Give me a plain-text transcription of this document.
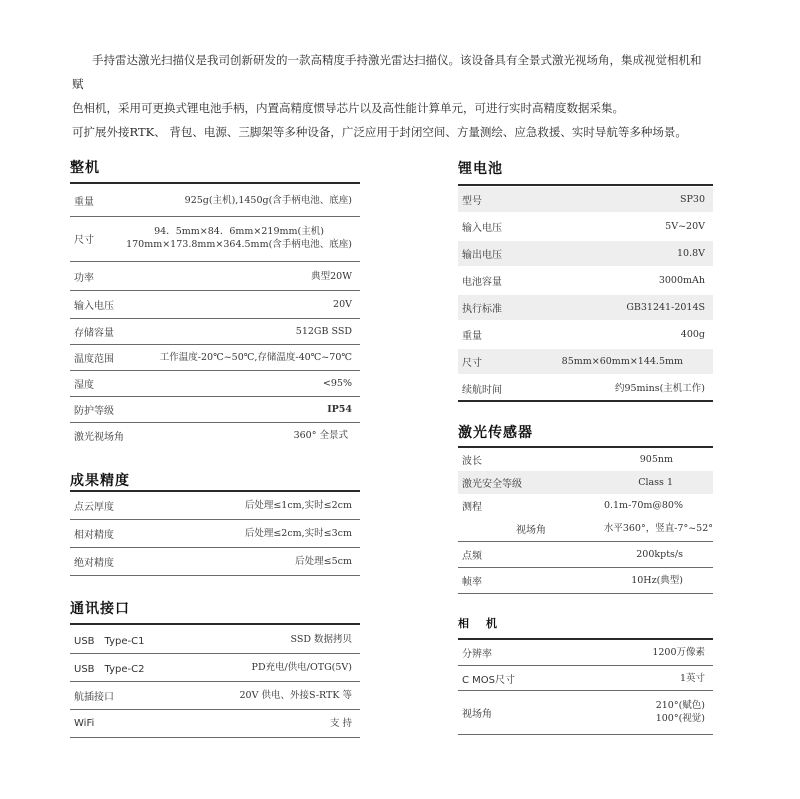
手持雷达激光扫描仪是我司创新研发的一款高精度手持激光雷达扫描仪。该设备具有全景式激光视场角，集成视觉相机和赋

色相机，采用可更换式锂电池手柄，内置高精度惯导芯片以及高性能计算单元，可进行实时高精度数据采集。

可扩展外接RTK、 背包、电源、三脚架等多种设备，广泛应用于封闭空间、方量测绘、应急救援、实时导航等多种场景。

整机
重量	925g(主机),1450g(含手柄电池、底座)
尺寸
94．5mm×84．6mm×219mm(主机)
170mm×173.8mm×364.5mm(含手柄电池、底座)
功率	典型20W
输入电压	20V
存储容量	512GB SSD
温度范围	工作温度-20℃~50℃,存储温度-40℃~70℃
湿度	<95%
防护等级	IP54
激光视场角	360° 全景式
成果精度
点云厚度	后处理≤1cm,实时≤2cm
相对精度	后处理≤2cm,实时≤3cm
绝对精度	后处理≤5cm
通讯接口
USB　Type-C1	SSD 数据拷贝
USB　Type-C2	PD充电/供电/OTG(5V)
航插接口	20V 供电、外接S-RTK 等
WiFi	支 持
锂电池
型号	SP30
输入电压	5V~20V
输出电压	10.8V
电池容量	3000mAh
执行标准	GB31241-2014S
重量	400g
尺寸	85mm×60mm×144.5mm
续航时间	约95mins(主机工作)
激光传感器
波长	905nm
激光安全等级	Class 1
测程	0.1m-70m@80%
视场角	水平360°，竖直-7°~52°
点频	200kpts/s
帧率	10Hz(典型)
相　机
分辨率	1200万像素
C MOS尺寸	1英寸
视场角
210°(赋色)
100°(视觉)
